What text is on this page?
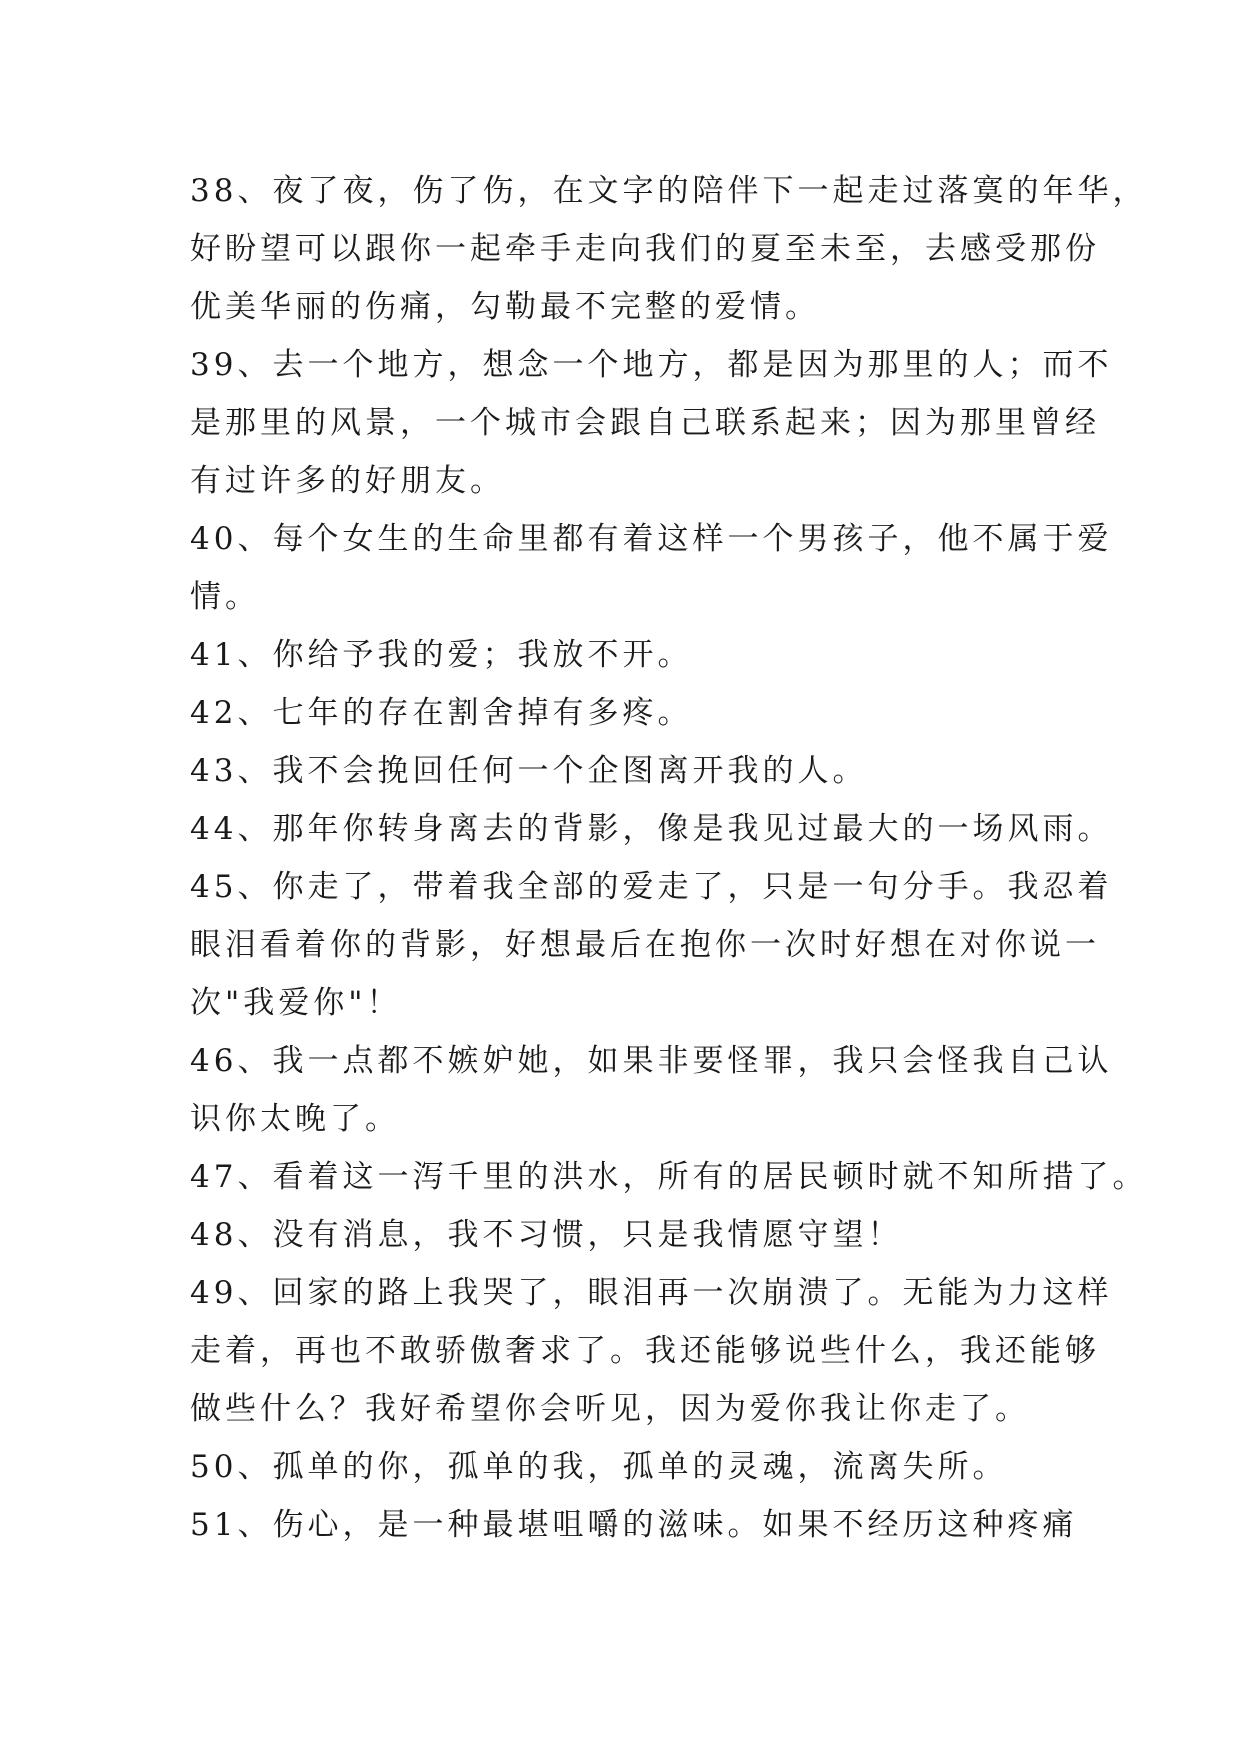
38、夜了夜，伤了伤，在文字的陪伴下一起走过落寞的年华，
好盼望可以跟你一起牵手走向我们的夏至未至，去感受那份
优美华丽的伤痛，勾勒最不完整的爱情。
39、去一个地方，想念一个地方，都是因为那里的人；而不
是那里的风景，一个城市会跟自己联系起来；因为那里曾经
有过许多的好朋友。
40、每个女生的生命里都有着这样一个男孩子，他不属于爱
情。
41、你给予我的爱；我放不开。
42、七年的存在割舍掉有多疼。
43、我不会挽回任何一个企图离开我的人。
44、那年你转身离去的背影，像是我见过最大的一场风雨。
45、你走了，带着我全部的爱走了，只是一句分手。我忍着
眼泪看着你的背影，好想最后在抱你一次时好想在对你说一
次"我爱你"！
46、我一点都不嫉妒她，如果非要怪罪，我只会怪我自己认
识你太晚了。
47、看着这一泻千里的洪水，所有的居民顿时就不知所措了。
48、没有消息，我不习惯，只是我情愿守望！
49、回家的路上我哭了，眼泪再一次崩溃了。无能为力这样
走着，再也不敢骄傲奢求了。我还能够说些什么，我还能够
做些什么？我好希望你会听见，因为爱你我让你走了。
50、孤单的你，孤单的我，孤单的灵魂，流离失所。
51、伤心，是一种最堪咀嚼的滋味。如果不经历这种疼痛
